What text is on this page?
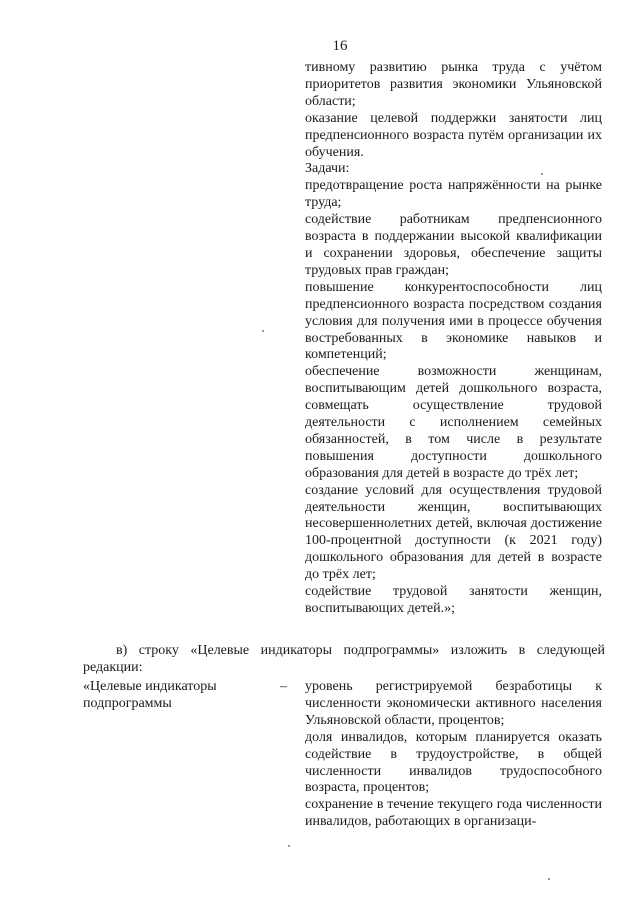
16

тивному развитию рынка труда с учётом приоритетов развития экономики Ульяновской области;

оказание целевой поддержки занятости лиц предпенсионного возраста путём организации их обучения.

Задачи:

предотвращение роста напряжённости на рынке труда;

содействие работникам предпенсионного возраста в поддержании высокой квалификации и сохранении здоровья, обеспечение защиты трудовых прав граждан;

повышение конкурентоспособности лиц предпенсионного возраста посредством создания условия для получения ими в процессе обучения востребованных в экономике навыков и компетенций;

обеспечение возможности женщинам, воспитывающим детей дошкольного возраста, совмещать осуществление трудовой деятельности с исполнением семейных обязанностей, в том числе в результате повышения доступности дошкольного образования для детей в возрасте до трёх лет;

создание условий для осуществления трудовой деятельности женщин, воспитывающих несовершеннолетних детей, включая достижение 100-процентной доступности (к 2021 году) дошкольного образования для детей в возрасте до трёх лет;

содействие трудовой занятости женщин, воспитывающих детей.»;

в) строку «Целевые индикаторы подпрограммы» изложить в следующей редакции:

«Целевые индикаторы

подпрограммы

– уровень регистрируемой безработицы к численности экономически активного населения Ульяновской области, процентов;

доля инвалидов, которым планируется оказать содействие в трудоустройстве, в общей численности инвалидов трудоспособного возраста, процентов;

сохранение в течение текущего года численности инвалидов, работающих в организаци-
